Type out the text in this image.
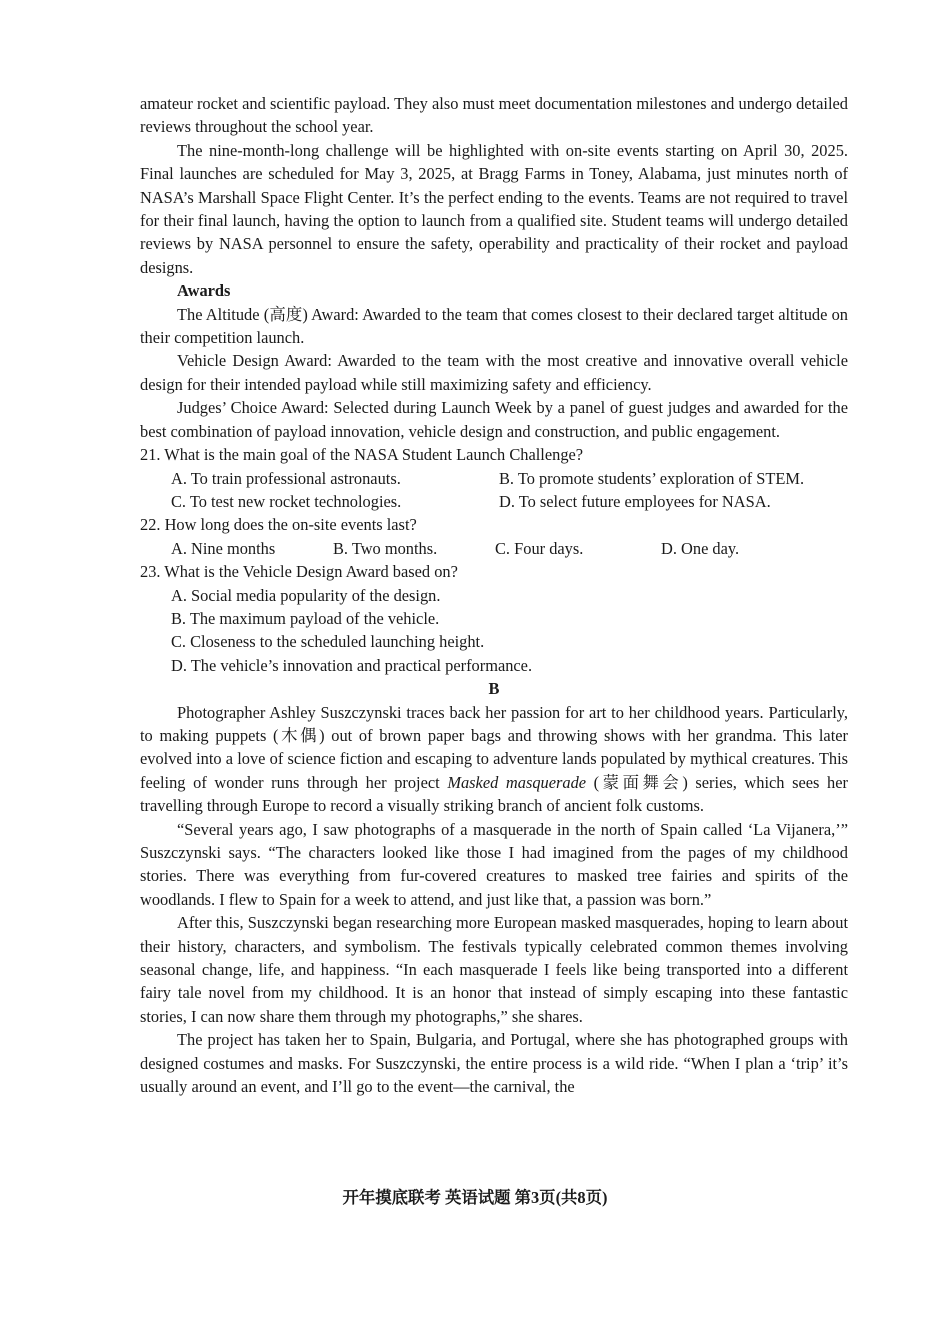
amateur rocket and scientific payload. They also must meet documentation milestones and undergo detailed reviews throughout the school year.

The nine-month-long challenge will be highlighted with on-site events starting on April 30, 2025. Final launches are scheduled for May 3, 2025, at Bragg Farms in Toney, Alabama, just minutes north of NASA’s Marshall Space Flight Center. It’s the perfect ending to the events. Teams are not required to travel for their final launch, having the option to launch from a qualified site. Student teams will undergo detailed reviews by NASA personnel to ensure the safety, operability and practicality of their rocket and payload designs.

Awards

The Altitude (高度) Award: Awarded to the team that comes closest to their declared target altitude on their competition launch.

Vehicle Design Award: Awarded to the team with the most creative and innovative overall vehicle design for their intended payload while still maximizing safety and efficiency.

Judges’ Choice Award: Selected during Launch Week by a panel of guest judges and awarded for the best combination of payload innovation, vehicle design and construction, and public engagement.

21. What is the main goal of the NASA Student Launch Challenge?
A. To train professional astronauts.	B. To promote students’ exploration of STEM.
C. To test new rocket technologies.	D. To select future employees for NASA.
22. How long does the on-site events last?
A. Nine months	B. Two months.	C. Four days.	D. One day.
23. What is the Vehicle Design Award based on?
A. Social media popularity of the design.
B. The maximum payload of the vehicle.
C. Closeness to the scheduled launching height.
D. The vehicle’s innovation and practical performance.
B

Photographer Ashley Suszczynski traces back her passion for art to her childhood years. Particularly, to making puppets (木偶) out of brown paper bags and throwing shows with her grandma. This later evolved into a love of science fiction and escaping to adventure lands populated by mythical creatures. This feeling of wonder runs through her project Masked masquerade (蒙面舞会) series, which sees her travelling through Europe to record a visually striking branch of ancient folk customs.

“Several years ago, I saw photographs of a masquerade in the north of Spain called ‘La Vijanera,’” Suszczynski says. “The characters looked like those I had imagined from the pages of my childhood stories. There was everything from fur-covered creatures to masked tree fairies and spirits of the woodlands. I flew to Spain for a week to attend, and just like that, a passion was born.”

After this, Suszczynski began researching more European masked masquerades, hoping to learn about their history, characters, and symbolism. The festivals typically celebrated common themes involving seasonal change, life, and happiness. “In each masquerade I feels like being transported into a different fairy tale novel from my childhood. It is an honor that instead of simply escaping into these fantastic stories, I can now share them through my photographs,” she shares.

The project has taken her to Spain, Bulgaria, and Portugal, where she has photographed groups with designed costumes and masks. For Suszczynski, the entire process is a wild ride. “When I plan a ‘trip’ it’s usually around an event, and I’ll go to the event—the carnival, the

开年摸底联考 英语试题 第3页(共8页)
